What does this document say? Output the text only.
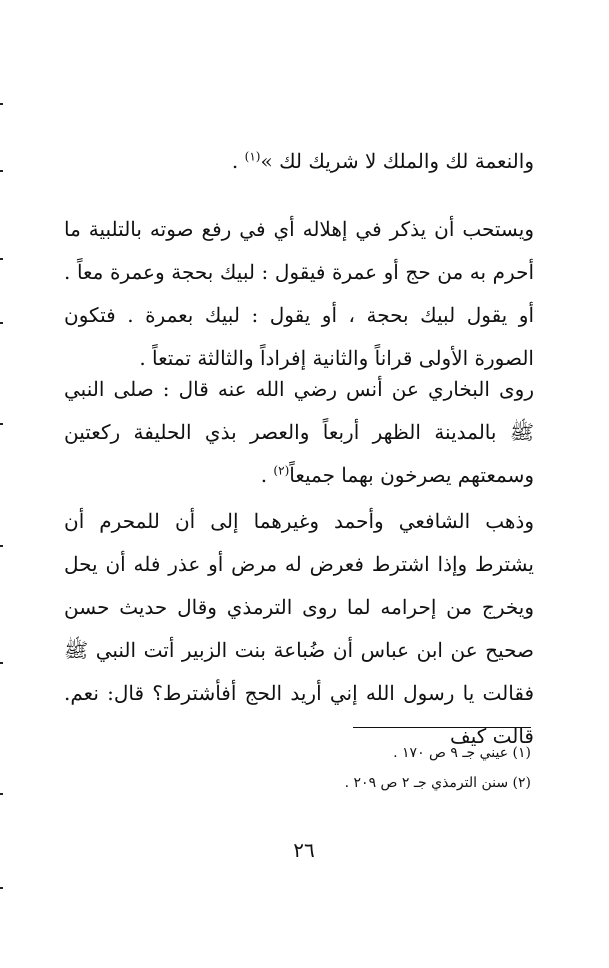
والنعمة لك والملك لا شريك لك »$^{(١)}$ .

ويستحب أن يذكر في إهلاله أي في رفع صوته بالتلبية ما أحرم به من حج أو عمرة فيقول : لبيك بحجة وعمرة معاً . أو يقول لبيك بحجة ، أو يقول : لبيك بعمرة . فتكون الصورة الأولى قراناً والثانية إفراداً والثالثة تمتعاً .

روى البخاري عن أنس رضي الله عنه قال : صلى النبي ﷺ بالمدينة الظهر أربعاً والعصر بذي الحليفة ركعتين وسمعتهم يصرخون بهما جميعاً$^{(٢)}$ .

وذهب الشافعي وأحمد وغيرهما إلى أن للمحرم أن يشترط وإذا اشترط فعرض له مرض أو عذر فله أن يحل ويخرج من إحرامه لما روى الترمذي وقال حديث حسن صحيح عن ابن عباس أن ضُباعة بنت الزبير أتت النبي ﷺ فقالت يا رسول الله إني أريد الحج أفأشترط؟ قال: نعم. قالت كيف

(١) عيني جـ ٩ ص ١٧٠ .

(٢) سنن الترمذي جـ ٢ ص ٢٠٩ .

٢٦
